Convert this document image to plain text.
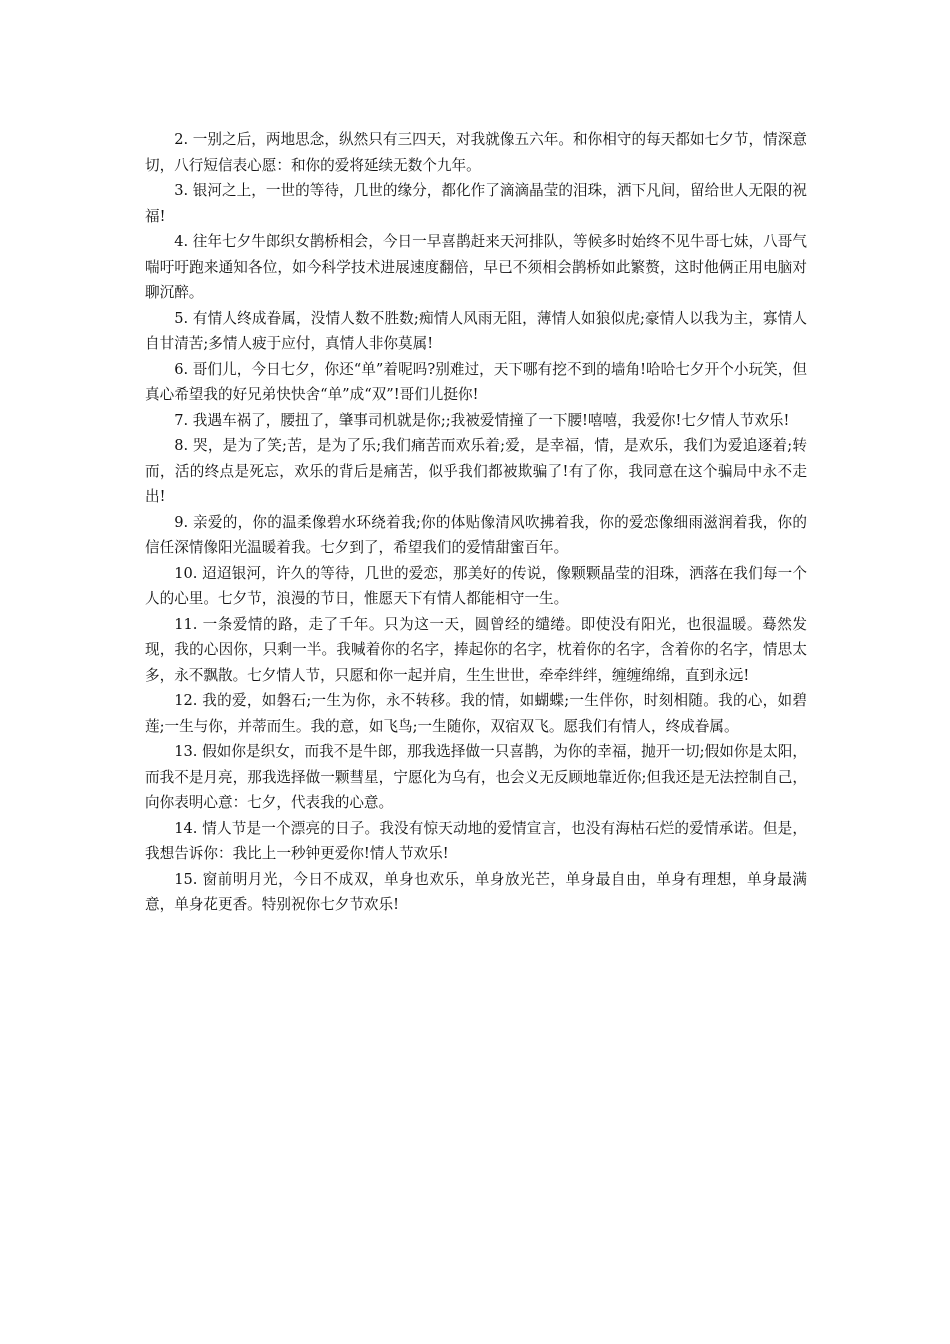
2. 一别之后，两地思念，纵然只有三四天，对我就像五六年。和你相守的每天都如七夕节，情深意切，八行短信表心愿：和你的爱将延续无数个九年。

3. 银河之上，一世的等待，几世的缘分，都化作了滴滴晶莹的泪珠，洒下凡间，留给世人无限的祝福!

4. 往年七夕牛郎织女鹊桥相会，今日一早喜鹊赶来天河排队，等候多时始终不见牛哥七妹，八哥气喘吁吁跑来通知各位，如今科学技术进展速度翻倍，早已不须相会鹊桥如此繁赘，这时他俩正用电脑对聊沉醉。

5. 有情人终成眷属，没情人数不胜数;痴情人风雨无阻，薄情人如狼似虎;豪情人以我为主，寡情人自甘清苦;多情人疲于应付，真情人非你莫属!

6. 哥们儿，今日七夕，你还“单”着呢吗?别难过，天下哪有挖不到的墙角!哈哈七夕开个小玩笑，但真心希望我的好兄弟快快舍“单”成“双”!哥们儿挺你!

7. 我遇车祸了，腰扭了，肇事司机就是你;;我被爱情撞了一下腰!嘻嘻，我爱你!七夕情人节欢乐!

8. 哭，是为了笑;苦，是为了乐;我们痛苦而欢乐着;爱，是幸福，情，是欢乐，我们为爱追逐着;转而，活的终点是死忘，欢乐的背后是痛苦，似乎我们都被欺骗了!有了你，我同意在这个骗局中永不走出!

9. 亲爱的，你的温柔像碧水环绕着我;你的体贴像清风吹拂着我，你的爱恋像细雨滋润着我，你的信任深情像阳光温暖着我。七夕到了，希望我们的爱情甜蜜百年。

10. 迢迢银河，许久的等待，几世的爱恋，那美好的传说，像颗颗晶莹的泪珠，洒落在我们每一个人的心里。七夕节，浪漫的节日，惟愿天下有情人都能相守一生。

11. 一条爱情的路，走了千年。只为这一天，圆曾经的缱绻。即使没有阳光，也很温暖。蓦然发现，我的心因你，只剩一半。我喊着你的名字，捧起你的名字，枕着你的名字，含着你的名字，情思太多，永不飘散。七夕情人节，只愿和你一起并肩，生生世世，牵牵绊绊，缠缠绵绵，直到永远!

12. 我的爱，如磐石;一生为你，永不转移。我的情，如蝴蝶;一生伴你，时刻相随。我的心，如碧莲;一生与你，并蒂而生。我的意，如飞鸟;一生随你，双宿双飞。愿我们有情人，终成眷属。

13. 假如你是织女，而我不是牛郎，那我选择做一只喜鹊，为你的幸福，抛开一切;假如你是太阳，而我不是月亮，那我选择做一颗彗星，宁愿化为乌有，也会义无反顾地靠近你;但我还是无法控制自己，向你表明心意：七夕，代表我的心意。

14. 情人节是一个漂亮的日子。我没有惊天动地的爱情宣言，也没有海枯石烂的爱情承诺。但是，我想告诉你：我比上一秒钟更爱你!情人节欢乐!

15. 窗前明月光，今日不成双，单身也欢乐，单身放光芒，单身最自由，单身有理想，单身最满意，单身花更香。特别祝你七夕节欢乐!
